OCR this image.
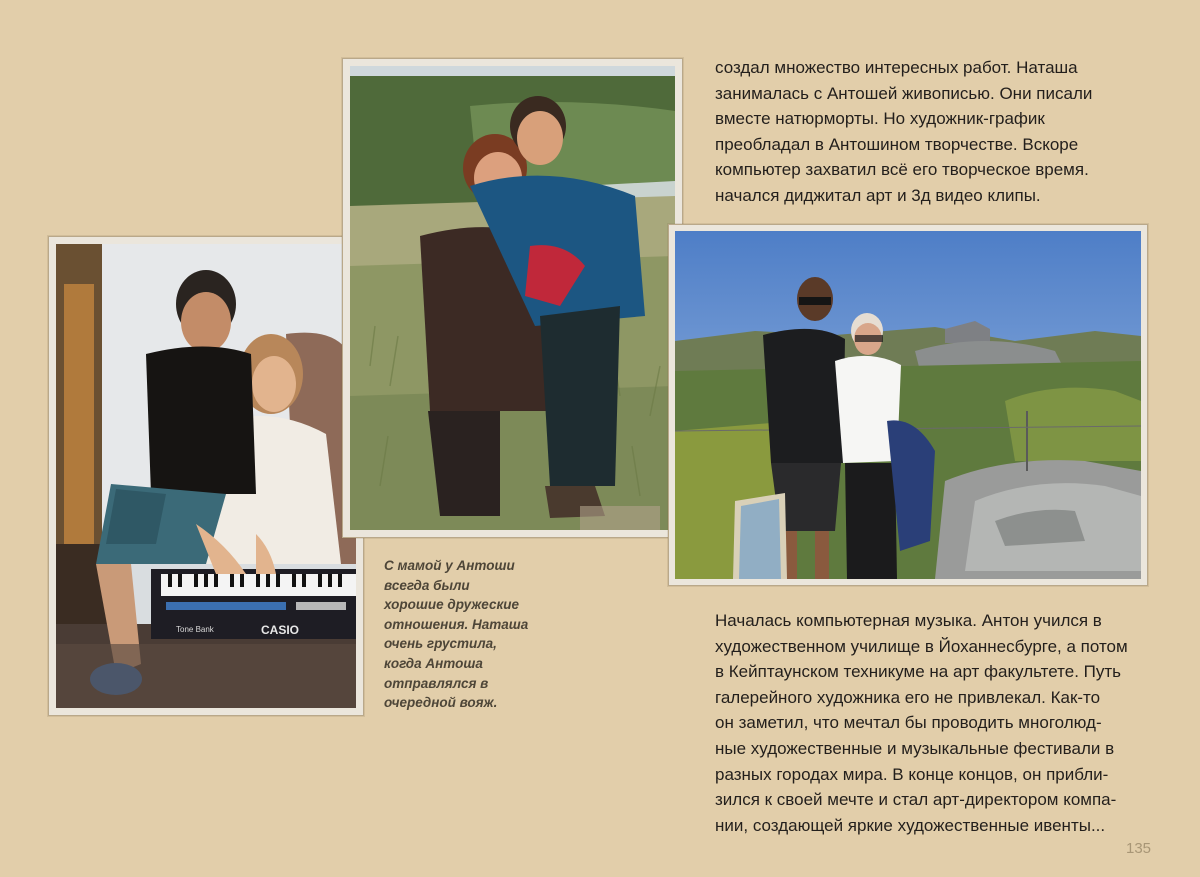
Tone Bank	CASIO
создал множество интересных работ. Наташа
занималась с Антошей живописью. Они писали
вместе натюрморты. Но художник-график
преобладал в Антошином творчестве. Вскоре
компьютер захватил всё его творческое время.
начался диджитал арт и 3д видео клипы.
С мамой у Антоши
всегда были
хорошие дружеские
отношения. Наташа
очень грустила,
когда Антоша
отправлялся в
очередной вояж.
Началась компьютерная музыка. Антон учился в
художественном училище в Йоханнесбурге, а потом
в Кейптаунском техникуме на арт факультете. Путь
галерейного художника его не привлекал. Как-то
он заметил, что мечтал бы проводить многолюд-
ные художественные и музыкальные фестивали в
разных городах мира. В конце концов, он прибли-
зился к своей мечте и стал арт-директором компа-
нии, создающей яркие художественные ивенты...
135
